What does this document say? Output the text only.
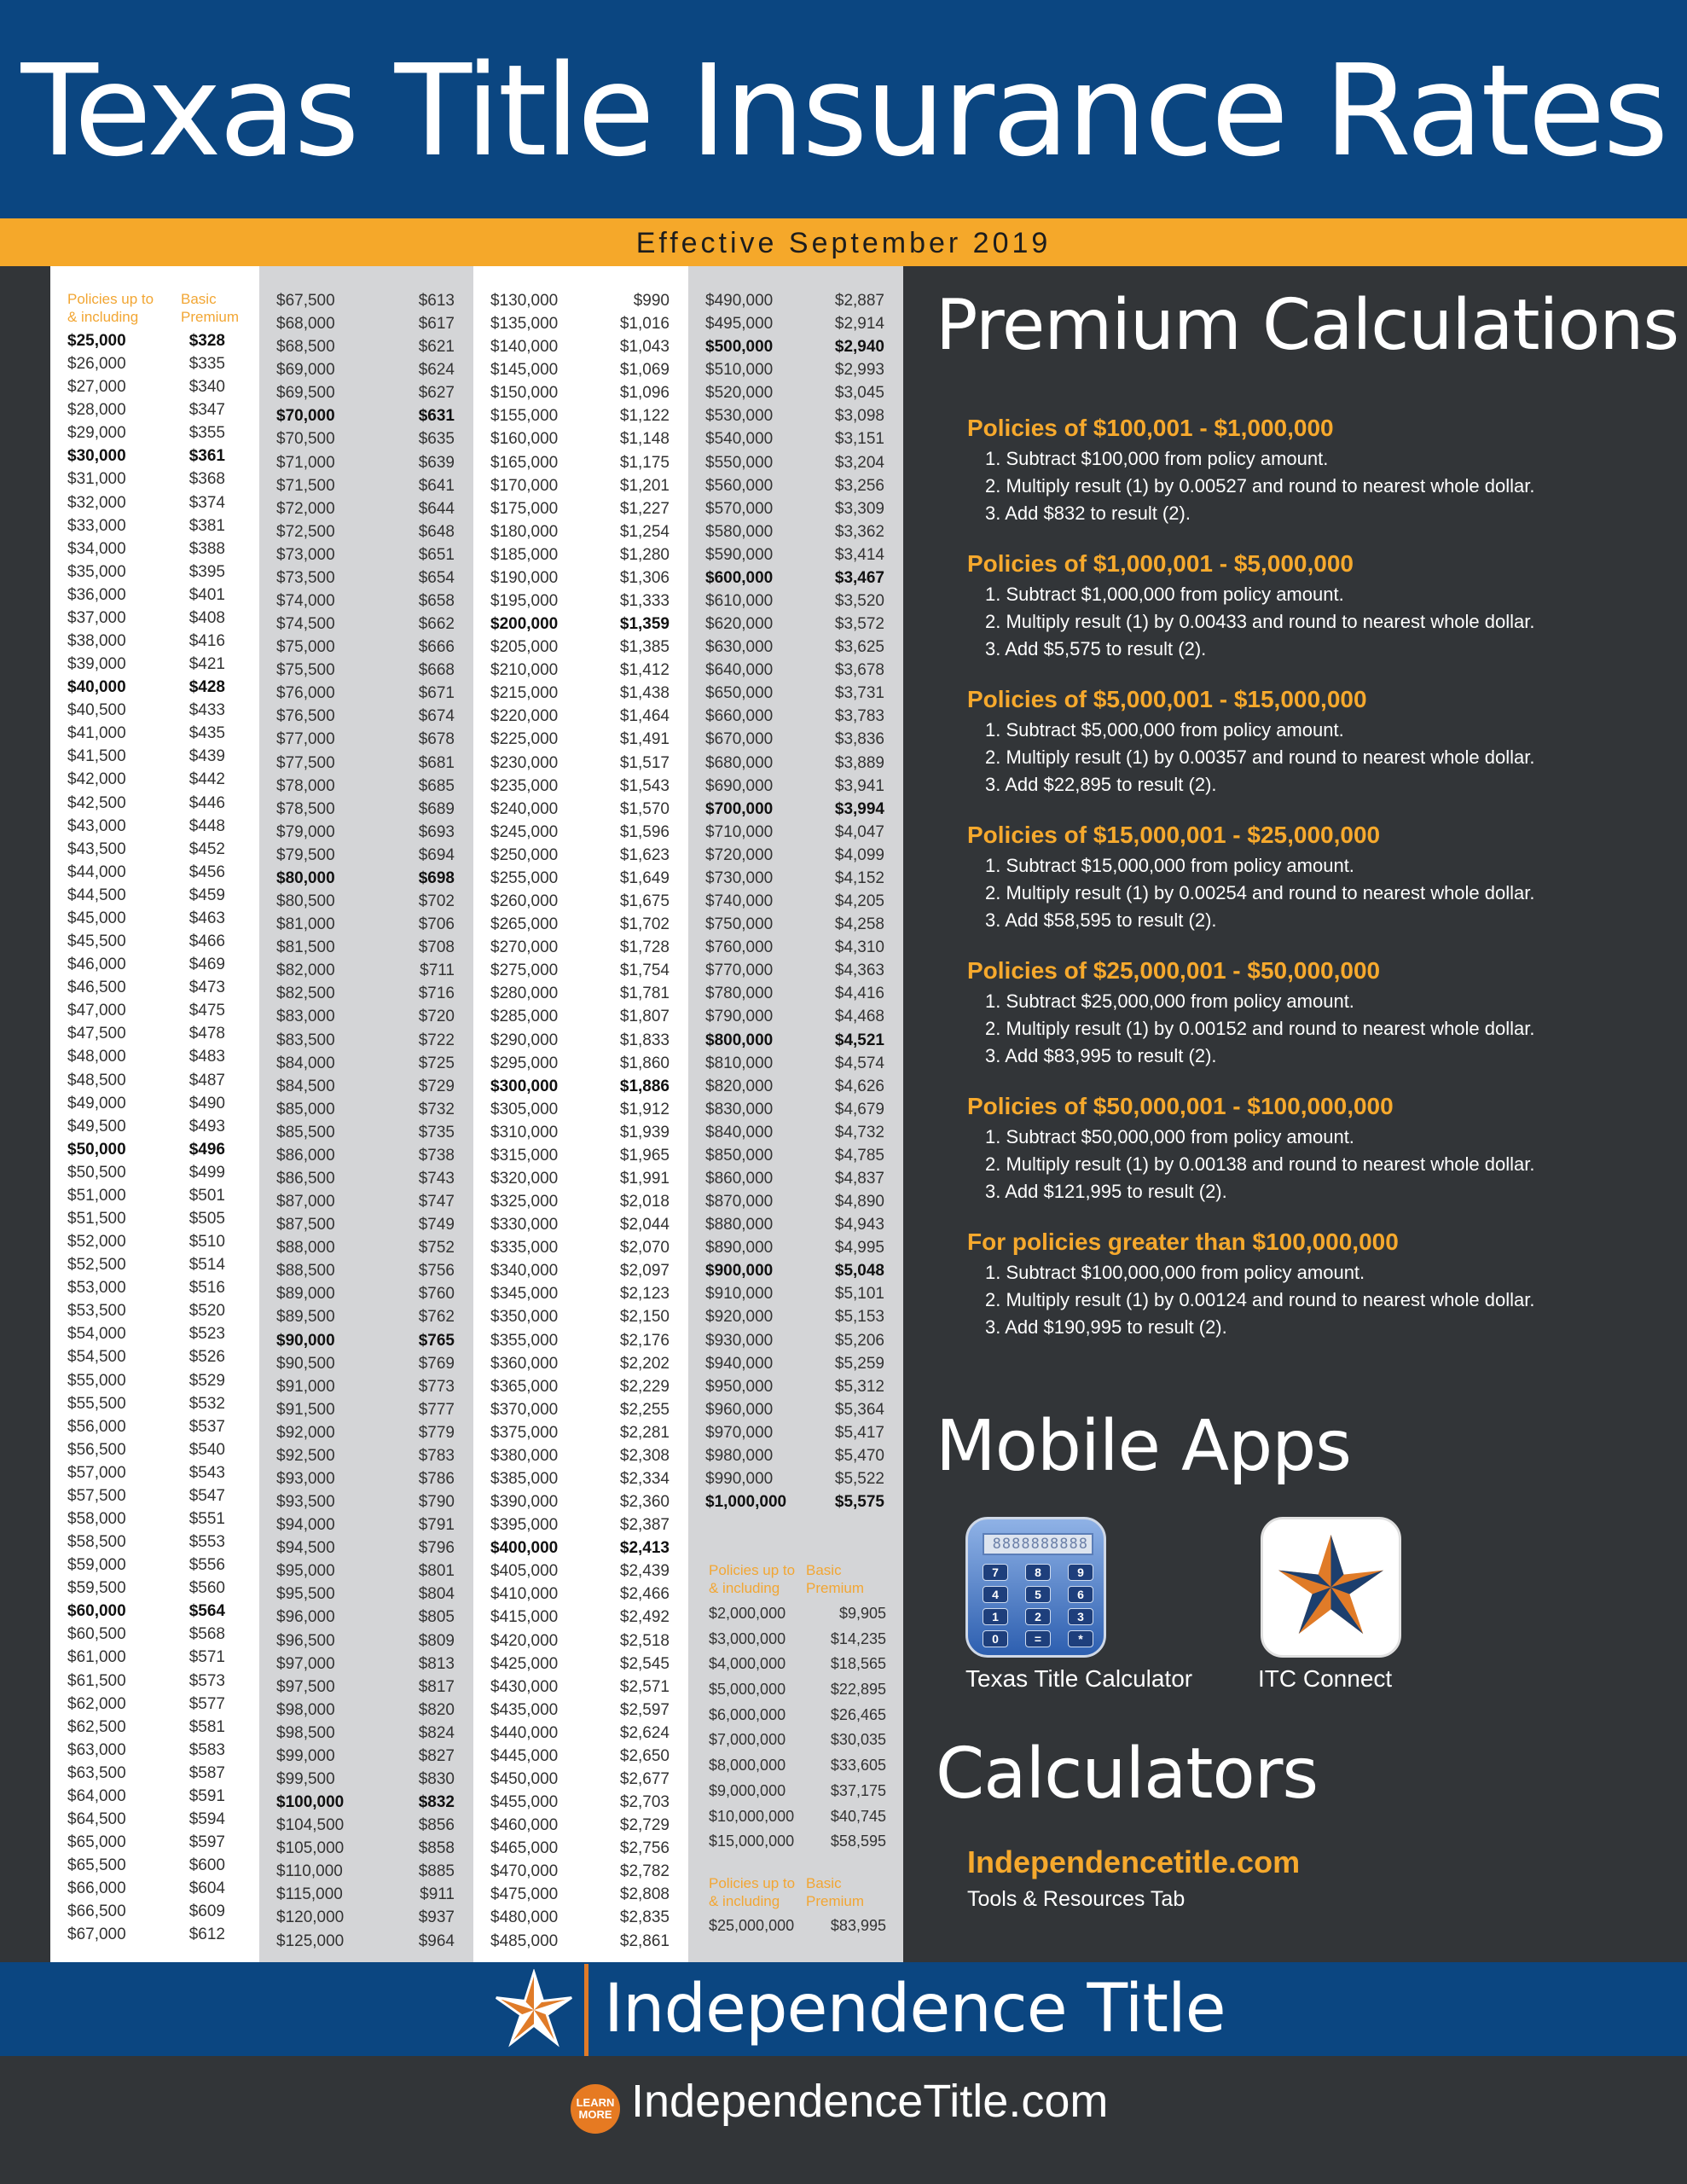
Texas Title Insurance Rates
Effective September 2019
Policies up to
& including
Basic
Premium
$25,000	$328
$26,000	$335
$27,000	$340
$28,000	$347
$29,000	$355
$30,000	$361
$31,000	$368
$32,000	$374
$33,000	$381
$34,000	$388
$35,000	$395
$36,000	$401
$37,000	$408
$38,000	$416
$39,000	$421
$40,000	$428
$40,500	$433
$41,000	$435
$41,500	$439
$42,000	$442
$42,500	$446
$43,000	$448
$43,500	$452
$44,000	$456
$44,500	$459
$45,000	$463
$45,500	$466
$46,000	$469
$46,500	$473
$47,000	$475
$47,500	$478
$48,000	$483
$48,500	$487
$49,000	$490
$49,500	$493
$50,000	$496
$50,500	$499
$51,000	$501
$51,500	$505
$52,000	$510
$52,500	$514
$53,000	$516
$53,500	$520
$54,000	$523
$54,500	$526
$55,000	$529
$55,500	$532
$56,000	$537
$56,500	$540
$57,000	$543
$57,500	$547
$58,000	$551
$58,500	$553
$59,000	$556
$59,500	$560
$60,000	$564
$60,500	$568
$61,000	$571
$61,500	$573
$62,000	$577
$62,500	$581
$63,000	$583
$63,500	$587
$64,000	$591
$64,500	$594
$65,000	$597
$65,500	$600
$66,000	$604
$66,500	$609
$67,000	$612
$67,500	$613
$68,000	$617
$68,500	$621
$69,000	$624
$69,500	$627
$70,000	$631
$70,500	$635
$71,000	$639
$71,500	$641
$72,000	$644
$72,500	$648
$73,000	$651
$73,500	$654
$74,000	$658
$74,500	$662
$75,000	$666
$75,500	$668
$76,000	$671
$76,500	$674
$77,000	$678
$77,500	$681
$78,000	$685
$78,500	$689
$79,000	$693
$79,500	$694
$80,000	$698
$80,500	$702
$81,000	$706
$81,500	$708
$82,000	$711
$82,500	$716
$83,000	$720
$83,500	$722
$84,000	$725
$84,500	$729
$85,000	$732
$85,500	$735
$86,000	$738
$86,500	$743
$87,000	$747
$87,500	$749
$88,000	$752
$88,500	$756
$89,000	$760
$89,500	$762
$90,000	$765
$90,500	$769
$91,000	$773
$91,500	$777
$92,000	$779
$92,500	$783
$93,000	$786
$93,500	$790
$94,000	$791
$94,500	$796
$95,000	$801
$95,500	$804
$96,000	$805
$96,500	$809
$97,000	$813
$97,500	$817
$98,000	$820
$98,500	$824
$99,000	$827
$99,500	$830
$100,000	$832
$104,500	$856
$105,000	$858
$110,000	$885
$115,000	$911
$120,000	$937
$125,000	$964
$130,000	$990
$135,000	$1,016
$140,000	$1,043
$145,000	$1,069
$150,000	$1,096
$155,000	$1,122
$160,000	$1,148
$165,000	$1,175
$170,000	$1,201
$175,000	$1,227
$180,000	$1,254
$185,000	$1,280
$190,000	$1,306
$195,000	$1,333
$200,000	$1,359
$205,000	$1,385
$210,000	$1,412
$215,000	$1,438
$220,000	$1,464
$225,000	$1,491
$230,000	$1,517
$235,000	$1,543
$240,000	$1,570
$245,000	$1,596
$250,000	$1,623
$255,000	$1,649
$260,000	$1,675
$265,000	$1,702
$270,000	$1,728
$275,000	$1,754
$280,000	$1,781
$285,000	$1,807
$290,000	$1,833
$295,000	$1,860
$300,000	$1,886
$305,000	$1,912
$310,000	$1,939
$315,000	$1,965
$320,000	$1,991
$325,000	$2,018
$330,000	$2,044
$335,000	$2,070
$340,000	$2,097
$345,000	$2,123
$350,000	$2,150
$355,000	$2,176
$360,000	$2,202
$365,000	$2,229
$370,000	$2,255
$375,000	$2,281
$380,000	$2,308
$385,000	$2,334
$390,000	$2,360
$395,000	$2,387
$400,000	$2,413
$405,000	$2,439
$410,000	$2,466
$415,000	$2,492
$420,000	$2,518
$425,000	$2,545
$430,000	$2,571
$435,000	$2,597
$440,000	$2,624
$445,000	$2,650
$450,000	$2,677
$455,000	$2,703
$460,000	$2,729
$465,000	$2,756
$470,000	$2,782
$475,000	$2,808
$480,000	$2,835
$485,000	$2,861
$490,000	$2,887
$495,000	$2,914
$500,000	$2,940
$510,000	$2,993
$520,000	$3,045
$530,000	$3,098
$540,000	$3,151
$550,000	$3,204
$560,000	$3,256
$570,000	$3,309
$580,000	$3,362
$590,000	$3,414
$600,000	$3,467
$610,000	$3,520
$620,000	$3,572
$630,000	$3,625
$640,000	$3,678
$650,000	$3,731
$660,000	$3,783
$670,000	$3,836
$680,000	$3,889
$690,000	$3,941
$700,000	$3,994
$710,000	$4,047
$720,000	$4,099
$730,000	$4,152
$740,000	$4,205
$750,000	$4,258
$760,000	$4,310
$770,000	$4,363
$780,000	$4,416
$790,000	$4,468
$800,000	$4,521
$810,000	$4,574
$820,000	$4,626
$830,000	$4,679
$840,000	$4,732
$850,000	$4,785
$860,000	$4,837
$870,000	$4,890
$880,000	$4,943
$890,000	$4,995
$900,000	$5,048
$910,000	$5,101
$920,000	$5,153
$930,000	$5,206
$940,000	$5,259
$950,000	$5,312
$960,000	$5,364
$970,000	$5,417
$980,000	$5,470
$990,000	$5,522
$1,000,000	$5,575
Policies up to
& including
Basic
Premium
$2,000,000	$9,905
$3,000,000	$14,235
$4,000,000	$18,565
$5,000,000	$22,895
$6,000,000	$26,465
$7,000,000	$30,035
$8,000,000	$33,605
$9,000,000	$37,175
$10,000,000 $40,745
$15,000,000 $58,595
Policies up to
& including
Basic
Premium
$25,000,000 $83,995
Premium Calculations
Policies of $100,001 - $1,000,000
1. Subtract $100,000 from policy amount.
2. Multiply result (1) by 0.00527 and round to nearest whole dollar.
3. Add $832 to result (2).
Policies of $1,000,001 - $5,000,000
1. Subtract $1,000,000 from policy amount.
2. Multiply result (1) by 0.00433 and round to nearest whole dollar.
3. Add $5,575 to result (2).
Policies of $5,000,001 - $15,000,000
1. Subtract $5,000,000 from policy amount.
2. Multiply result (1) by 0.00357 and round to nearest whole dollar.
3. Add $22,895 to result (2).
Policies of $15,000,001 - $25,000,000
1. Subtract $15,000,000 from policy amount.
2. Multiply result (1) by 0.00254 and round to nearest whole dollar.
3. Add $58,595 to result (2).
Policies of $25,000,001 - $50,000,000
1. Subtract $25,000,000 from policy amount.
2. Multiply result (1) by 0.00152 and round to nearest whole dollar.
3. Add $83,995 to result (2).
Policies of $50,000,001 - $100,000,000
1. Subtract $50,000,000 from policy amount.
2. Multiply result (1) by 0.00138 and round to nearest whole dollar.
3. Add $121,995 to result (2).
For policies greater than $100,000,000
1. Subtract $100,000,000 from policy amount.
2. Multiply result (1) by 0.00124 and round to nearest whole dollar.
3. Add $190,995 to result (2).
Mobile Apps
8888888888
7	8	9
4	5	6
1	2	3
0	=	*
Texas Title Calculator	ITC Connect
Calculators
Independencetitle.com
Tools & Resources Tab
Independence Title
LEARN
MORE IndependenceTitle.com
